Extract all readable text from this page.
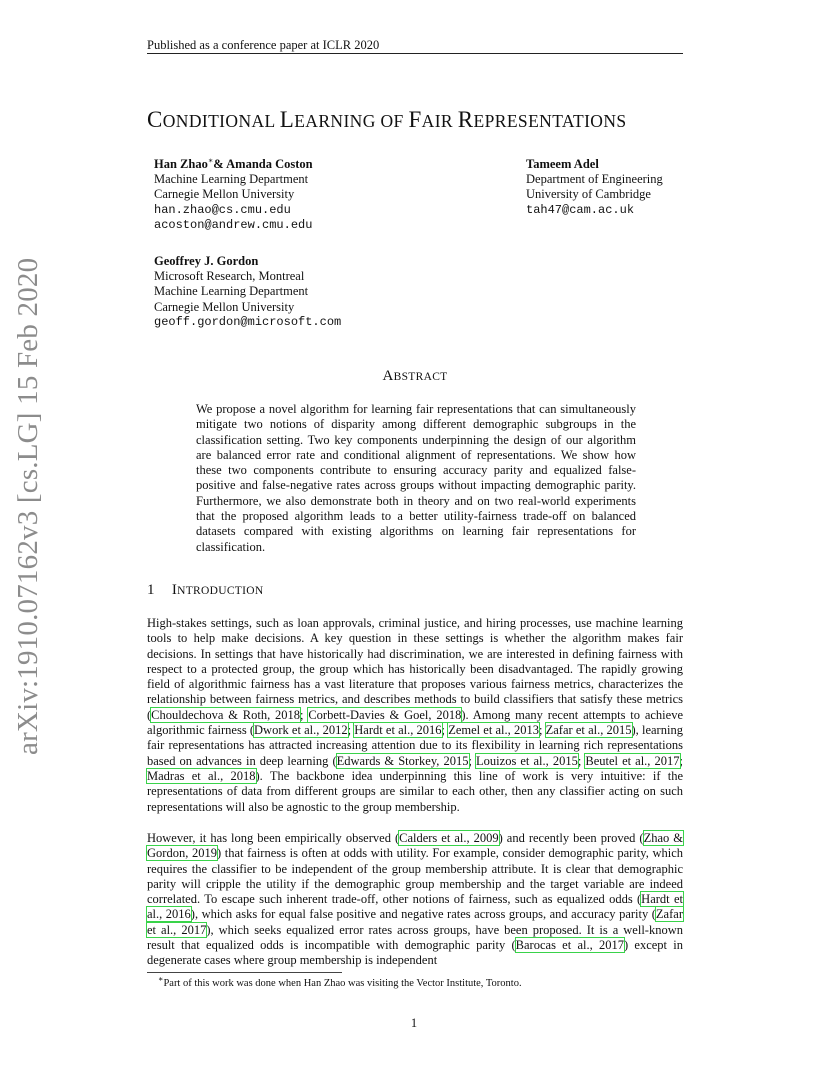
Published as a conference paper at ICLR 2020
arXiv:1910.07162v3 [cs.LG] 15 Feb 2020
CONDITIONAL LEARNING OF FAIR REPRESENTATIONS
Han Zhao∗& Amanda Coston
Machine Learning Department
Carnegie Mellon University
han.zhao@cs.cmu.edu
acoston@andrew.cmu.edu
Tameem Adel
Department of Engineering
University of Cambridge
tah47@cam.ac.uk
Geoffrey J. Gordon
Microsoft Research, Montreal
Machine Learning Department
Carnegie Mellon University
geoff.gordon@microsoft.com
ABSTRACT
We propose a novel algorithm for learning fair representations that can simultaneously mitigate two notions of disparity among different demographic subgroups in the classification setting. Two key components underpinning the design of our algorithm are balanced error rate and conditional alignment of representations. We show how these two components contribute to ensuring accuracy parity and equalized false-positive and false-negative rates across groups without impacting demographic parity. Furthermore, we also demonstrate both in theory and on two real-world experiments that the proposed algorithm leads to a better utility-fairness trade-off on balanced datasets compared with existing algorithms on learning fair representations for classification.
1 INTRODUCTION
High-stakes settings, such as loan approvals, criminal justice, and hiring processes, use machine learning tools to help make decisions. A key question in these settings is whether the algorithm makes fair decisions. In settings that have historically had discrimination, we are interested in defining fairness with respect to a protected group, the group which has historically been disadvantaged. The rapidly growing field of algorithmic fairness has a vast literature that proposes various fairness metrics, characterizes the relationship between fairness metrics, and describes methods to build classifiers that satisfy these metrics (Chouldechova & Roth, 2018; Corbett-Davies & Goel, 2018). Among many recent attempts to achieve algorithmic fairness (Dwork et al., 2012; Hardt et al., 2016; Zemel et al., 2013; Zafar et al., 2015), learning fair representations has attracted increasing attention due to its flexibility in learning rich representations based on advances in deep learning (Edwards & Storkey, 2015; Louizos et al., 2015; Beutel et al., 2017; Madras et al., 2018). The backbone idea underpinning this line of work is very intuitive: if the representations of data from different groups are similar to each other, then any classifier acting on such representations will also be agnostic to the group membership.
However, it has long been empirically observed (Calders et al., 2009) and recently been proved (Zhao & Gordon, 2019) that fairness is often at odds with utility. For example, consider demographic parity, which requires the classifier to be independent of the group membership attribute. It is clear that demographic parity will cripple the utility if the demographic group membership and the target variable are indeed correlated. To escape such inherent trade-off, other notions of fairness, such as equalized odds (Hardt et al., 2016), which asks for equal false positive and negative rates across groups, and accuracy parity (Zafar et al., 2017), which seeks equalized error rates across groups, have been proposed. It is a well-known result that equalized odds is incompatible with demographic parity (Barocas et al., 2017) except in degenerate cases where group membership is independent
∗Part of this work was done when Han Zhao was visiting the Vector Institute, Toronto.
1
